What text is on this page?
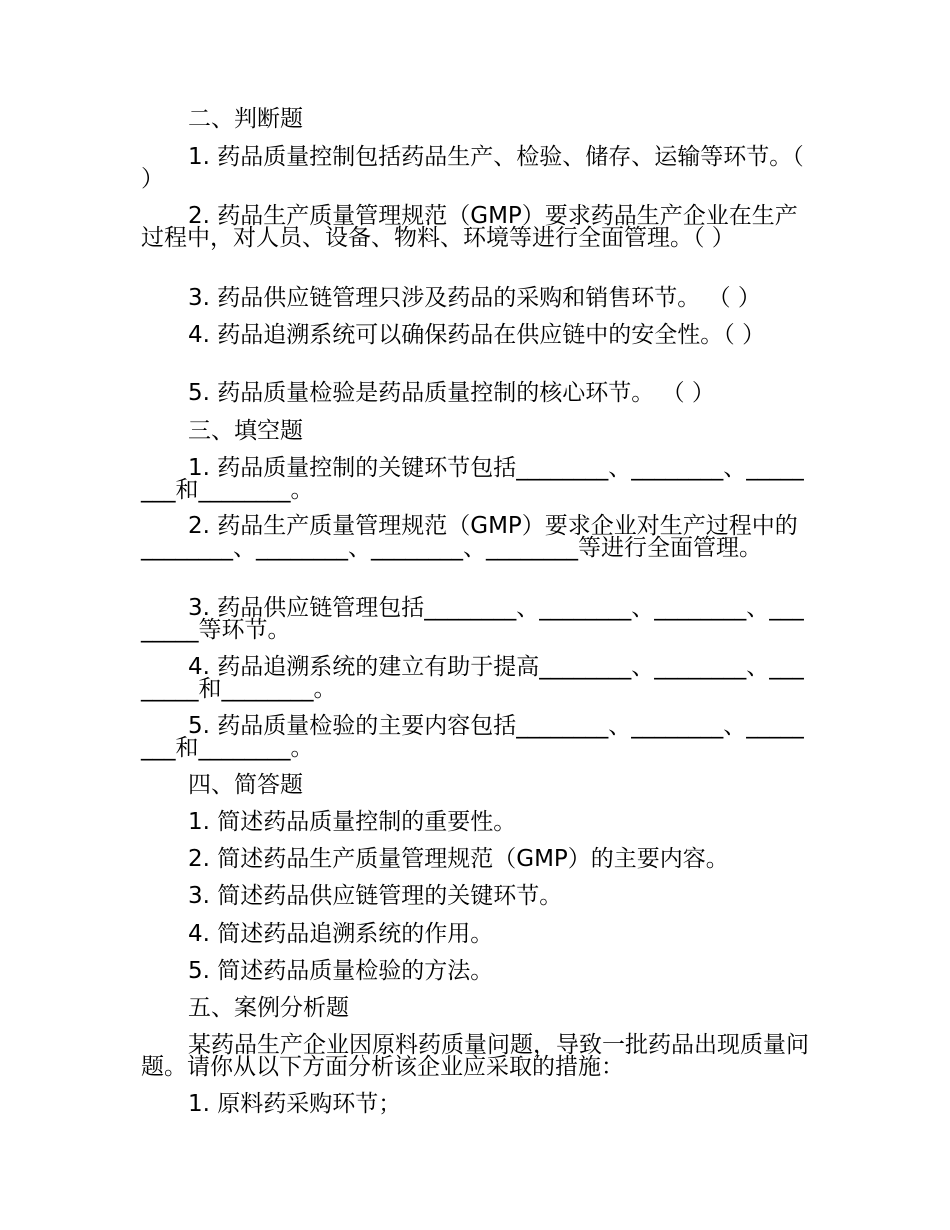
二、判断题

1. 药品质量控制包括药品生产、检验、储存、运输等环节。（ ）

2. 药品生产质量管理规范（GMP）要求药品生产企业在生产过程中，对人员、设备、物料、环境等进行全面管理。（ ）

3. 药品供应链管理只涉及药品的采购和销售环节。 （ ）

4. 药品追溯系统可以确保药品在供应链中的安全性。（ ）

5. 药品质量检验是药品质量控制的核心环节。 （ ）

三、填空题

1. 药品质量控制的关键环节包括________、________、________和________。

2. 药品生产质量管理规范（GMP）要求企业对生产过程中的________、________、________、________等进行全面管理。

3. 药品供应链管理包括________、________、________、________等环节。

4. 药品追溯系统的建立有助于提高________、________、________和________。

5. 药品质量检验的主要内容包括________、________、________和________。

四、简答题

1. 简述药品质量控制的重要性。

2. 简述药品生产质量管理规范（GMP）的主要内容。

3. 简述药品供应链管理的关键环节。

4. 简述药品追溯系统的作用。

5. 简述药品质量检验的方法。

五、案例分析题

某药品生产企业因原料药质量问题，导致一批药品出现质量问题。请你从以下方面分析该企业应采取的措施：

1. 原料药采购环节；
